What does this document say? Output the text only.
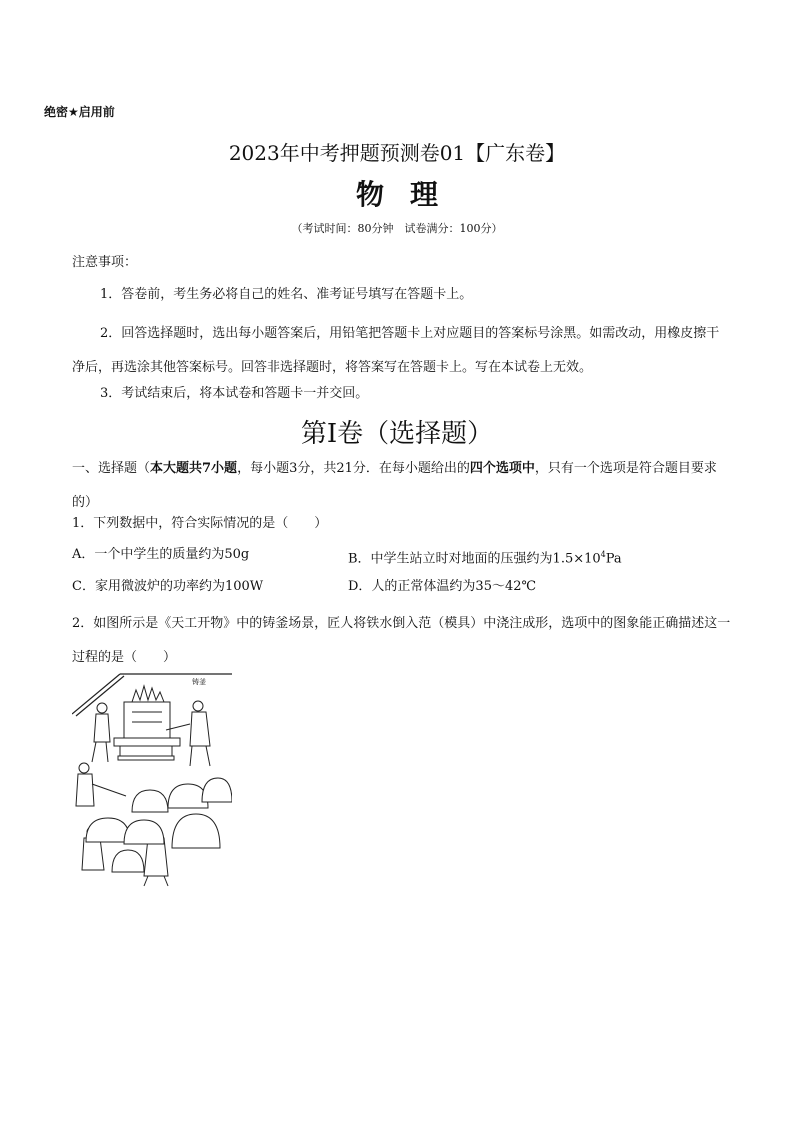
绝密★启用前
2023年中考押题预测卷01【广东卷】
物理
（考试时间：80分钟　试卷满分：100分）
注意事项：
1．答卷前，考生务必将自己的姓名、准考证号填写在答题卡上。
2．回答选择题时，选出每小题答案后，用铅笔把答题卡上对应题目的答案标号涂黑。如需改动，用橡皮擦干净后，再选涂其他答案标号。回答非选择题时，将答案写在答题卡上。写在本试卷上无效。
3．考试结束后，将本试卷和答题卡一并交回。
第Ⅰ卷（选择题）
一、选择题（本大题共7小题，每小题3分，共21分．在每小题给出的四个选项中，只有一个选项是符合题目要求的）
1．下列数据中，符合实际情况的是（　　）
A．一个中学生的质量约为50g	B．中学生站立时对地面的压强约为$1.5\times 10^4Pa$
C．家用微波炉的功率约为100W	D．人的正常体温约为35～42℃
2．如图所示是《天工开物》中的铸釜场景，匠人将铁水倒入范（模具）中浇注成形，选项中的图象能正确描述这一过程的是（　　）
铸釜
